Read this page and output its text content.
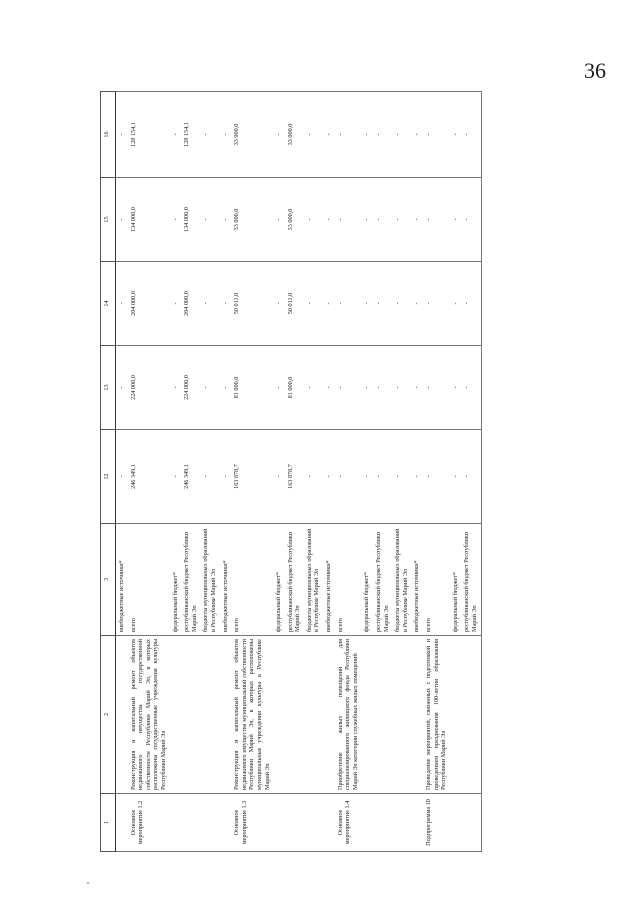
36
1	2	3	12	13	14	15	16
		внебюджетные источники*	-	-	-	-	-
Основное мероприятие 1.2	Реконструкция и капитальный ремонт объектов недвижимого имущества государственной собственности Республики Марий Эл, в которых расположены государственные учреждения культуры Республики Марий Эл	всего	246 349,1	224 000,0	204 000,0	134 000,0	128 154,1
		федеральный бюджет*	-	-	-	-	-
		республиканский бюджет Республики Марий Эл	246 349,1	224 000,0	204 000,0	134 000,0	128 154,1
		бюджеты муниципальных образований в Республике Марий Эл	-	-	-	-	-
		внебюджетные источники*	-	-	-	-	-
Основное мероприятие 1.3	Реконструкция и капитальный ремонт объектов недвижимого имущества муниципальной собственности Республики Марий Эл, в которых расположены муниципальные учреждения культуры в Республике Марий Эл	всего	163 878,7	81 000,0	50 011,0	33 000,0	33 000,0
		федеральный бюджет*	-	-	-	-	-
		республиканский бюджет Республики Марий Эл	163 878,7	81 000,0	50 011,0	33 000,0	33 000,0
		бюджеты муниципальных образований в Республике Марий Эл	-	-	-	-	-
		внебюджетные источники*	-	-	-	-	-
Основное мероприятие 1.4	Приобретение жилых помещений для специализированного жилищного фонда Республики Марий Эл категории служебных жилых помещений	всего	-	-	-	-	-
		федеральный бюджет*	-	-	-	-	-
		республиканский бюджет Республики Марий Эл	-	-	-	-	-
		бюджеты муниципальных образований в Республике Марий Эл	-	-	-	-	-
		внебюджетные источники*	-	-	-	-	-
Подпрограмма 10	Проведение мероприятий, связанных с подготовкой и проведением празднования 100-летия образования Республики Марий Эл	всего	-	-	-	-	-
		федеральный бюджет*	-	-	-	-	-
		республиканский бюджет Республики Марий Эл	-	-	-	-	-
